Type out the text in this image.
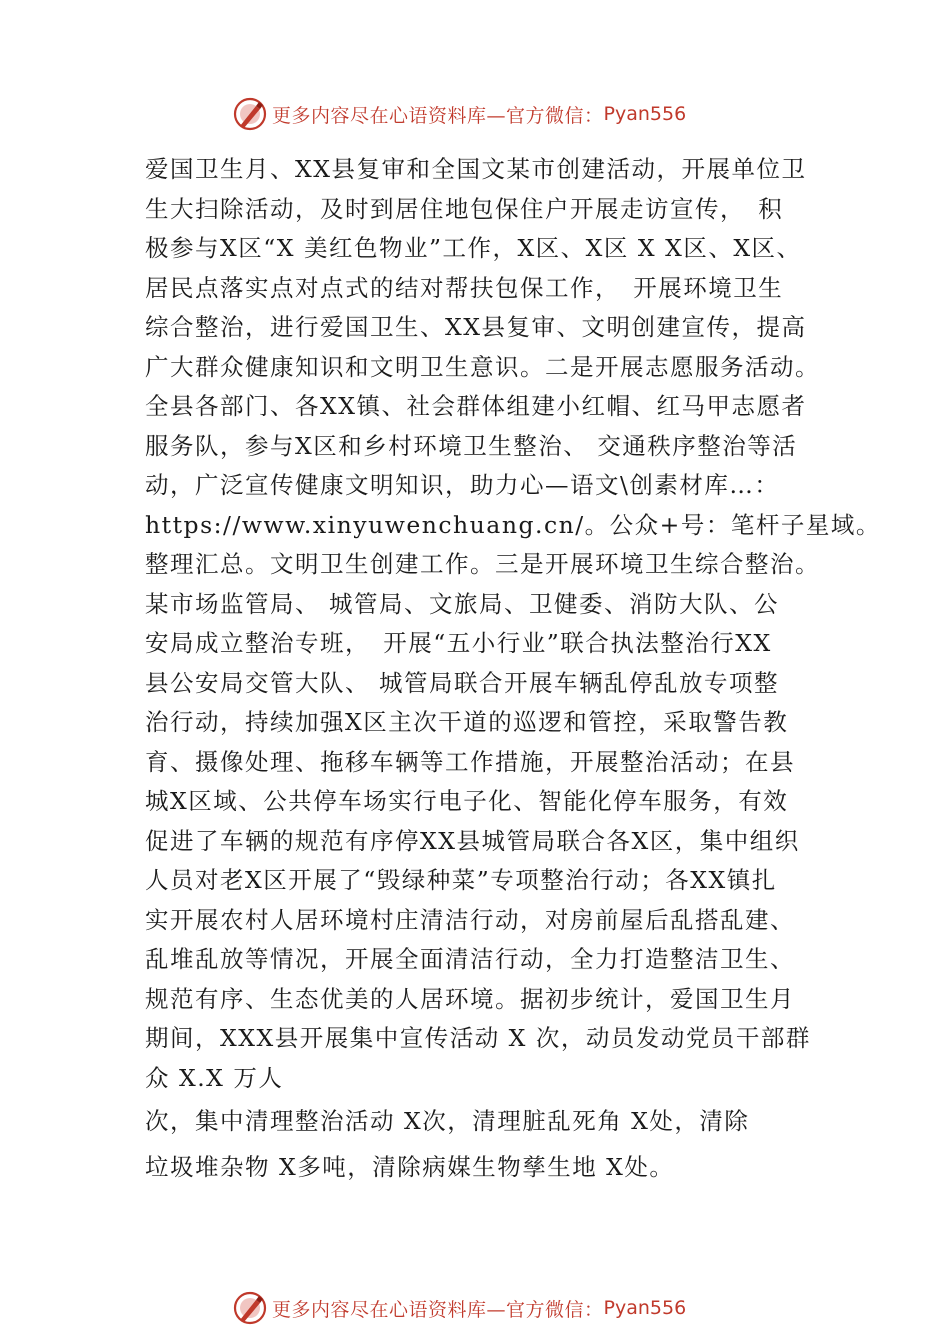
更多内容尽在心语资料库—官方微信： Pyan556
爱国卫生月、XX县复审和全国文某市创建活动，开展单位卫
生大扫除活动，及时到居住地包保住户开展走访宣传，　积
极参与X区“X 美红色物业”工作，X区、X区 X X区、X区、
居民点落实点对点式的结对帮扶包保工作，　开展环境卫生
综合整治，进行爱国卫生、XX县复审、文明创建宣传，提高
广大群众健康知识和文明卫生意识。二是开展志愿服务活动。
全县各部门、各XX镇、社会群体组建小红帽、红马甲志愿者
服务队，参与X区和乡村环境卫生整治、 交通秩序整治等活
动，广泛宣传健康文明知识，助力心—语文\创素材库…：
https://www.xinyuwenchuang.cn/。公众+号：笔杆子星域。
整理汇总。文明卫生创建工作。三是开展环境卫生综合整治。
某市场监管局、 城管局、文旅局、卫健委、消防大队、公
安局成立整治专班，　开展“五小行业”联合执法整治行XX
县公安局交管大队、 城管局联合开展车辆乱停乱放专项整
治行动，持续加强X区主次干道的巡逻和管控，采取警告教
育、摄像处理、拖移车辆等工作措施，开展整治活动；在县
城X区域、公共停车场实行电子化、智能化停车服务，有效
促进了车辆的规范有序停XX县城管局联合各X区，集中组织
人员对老X区开展了“毁绿种菜”专项整治行动；各XX镇扎
实开展农村人居环境村庄清洁行动，对房前屋后乱搭乱建、
乱堆乱放等情况，开展全面清洁行动，全力打造整洁卫生、
规范有序、生态优美的人居环境。据初步统计，爱国卫生月
期间，XXX县开展集中宣传活动 X 次，动员发动党员干部群
众 X.X 万人
次，集中清理整治活动 X次，清理脏乱死角 X处，清除
垃圾堆杂物 X多吨，清除病媒生物孳生地 X处。
更多内容尽在心语资料库—官方微信： Pyan556
